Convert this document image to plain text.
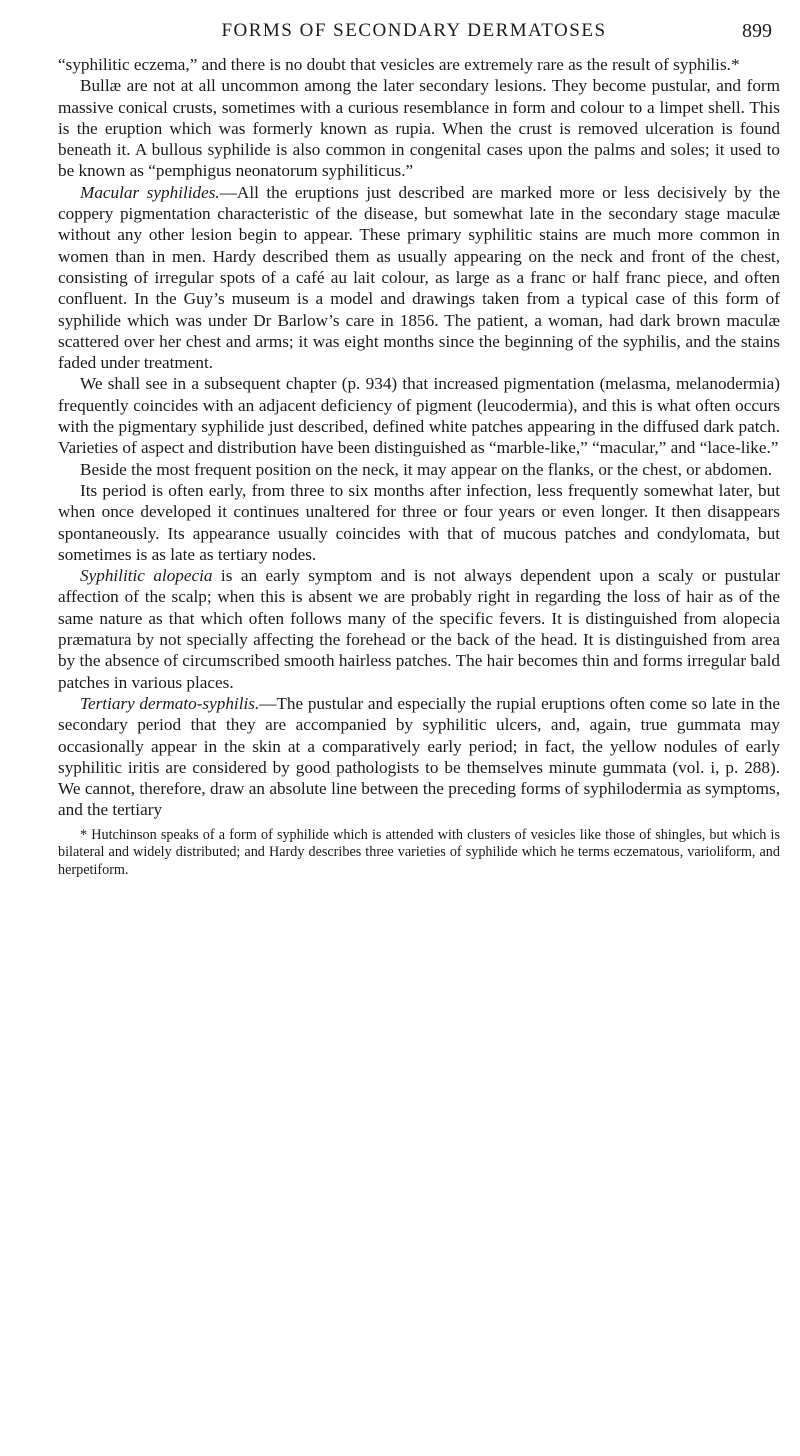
FORMS OF SECONDARY DERMATOSES	899

“syphilitic eczema,” and there is no doubt that vesicles are extremely rare as the result of syphilis.*

Bullæ are not at all uncommon among the later secondary lesions. They become pustular, and form massive conical crusts, sometimes with a curious resemblance in form and colour to a limpet shell. This is the eruption which was formerly known as rupia. When the crust is removed ulceration is found beneath it. A bullous syphilide is also common in congenital cases upon the palms and soles; it used to be known as “pemphigus neonatorum syphiliticus.”

Macular syphilides.—All the eruptions just described are marked more or less decisively by the coppery pigmentation characteristic of the disease, but somewhat late in the secondary stage maculæ without any other lesion begin to appear. These primary syphilitic stains are much more common in women than in men. Hardy described them as usually appearing on the neck and front of the chest, consisting of irregular spots of a café au lait colour, as large as a franc or half franc piece, and often confluent. In the Guy’s museum is a model and drawings taken from a typical case of this form of syphilide which was under Dr Barlow’s care in 1856. The patient, a woman, had dark brown maculæ scattered over her chest and arms; it was eight months since the beginning of the syphilis, and the stains faded under treatment.

We shall see in a subsequent chapter (p. 934) that increased pigmentation (melasma, melanodermia) frequently coincides with an adjacent deficiency of pigment (leucodermia), and this is what often occurs with the pigmentary syphilide just described, defined white patches appearing in the diffused dark patch. Varieties of aspect and distribution have been distinguished as “marble-like,” “macular,” and “lace-like.”

Beside the most frequent position on the neck, it may appear on the flanks, or the chest, or abdomen.

Its period is often early, from three to six months after infection, less frequently somewhat later, but when once developed it continues unaltered for three or four years or even longer. It then disappears spontaneously. Its appearance usually coincides with that of mucous patches and condylomata, but sometimes is as late as tertiary nodes.

Syphilitic alopecia is an early symptom and is not always dependent upon a scaly or pustular affection of the scalp; when this is absent we are probably right in regarding the loss of hair as of the same nature as that which often follows many of the specific fevers. It is distinguished from alopecia præmatura by not specially affecting the forehead or the back of the head. It is distinguished from area by the absence of circumscribed smooth hairless patches. The hair becomes thin and forms irregular bald patches in various places.

Tertiary dermato-syphilis.—The pustular and especially the rupial eruptions often come so late in the secondary period that they are accompanied by syphilitic ulcers, and, again, true gummata may occasionally appear in the skin at a comparatively early period; in fact, the yellow nodules of early syphilitic iritis are considered by good pathologists to be themselves minute gummata (vol. i, p. 288). We cannot, therefore, draw an absolute line between the preceding forms of syphilodermia as symptoms, and the tertiary

* Hutchinson speaks of a form of syphilide which is attended with clusters of vesicles like those of shingles, but which is bilateral and widely distributed; and Hardy describes three varieties of syphilide which he terms eczematous, varioliform, and herpetiform.
